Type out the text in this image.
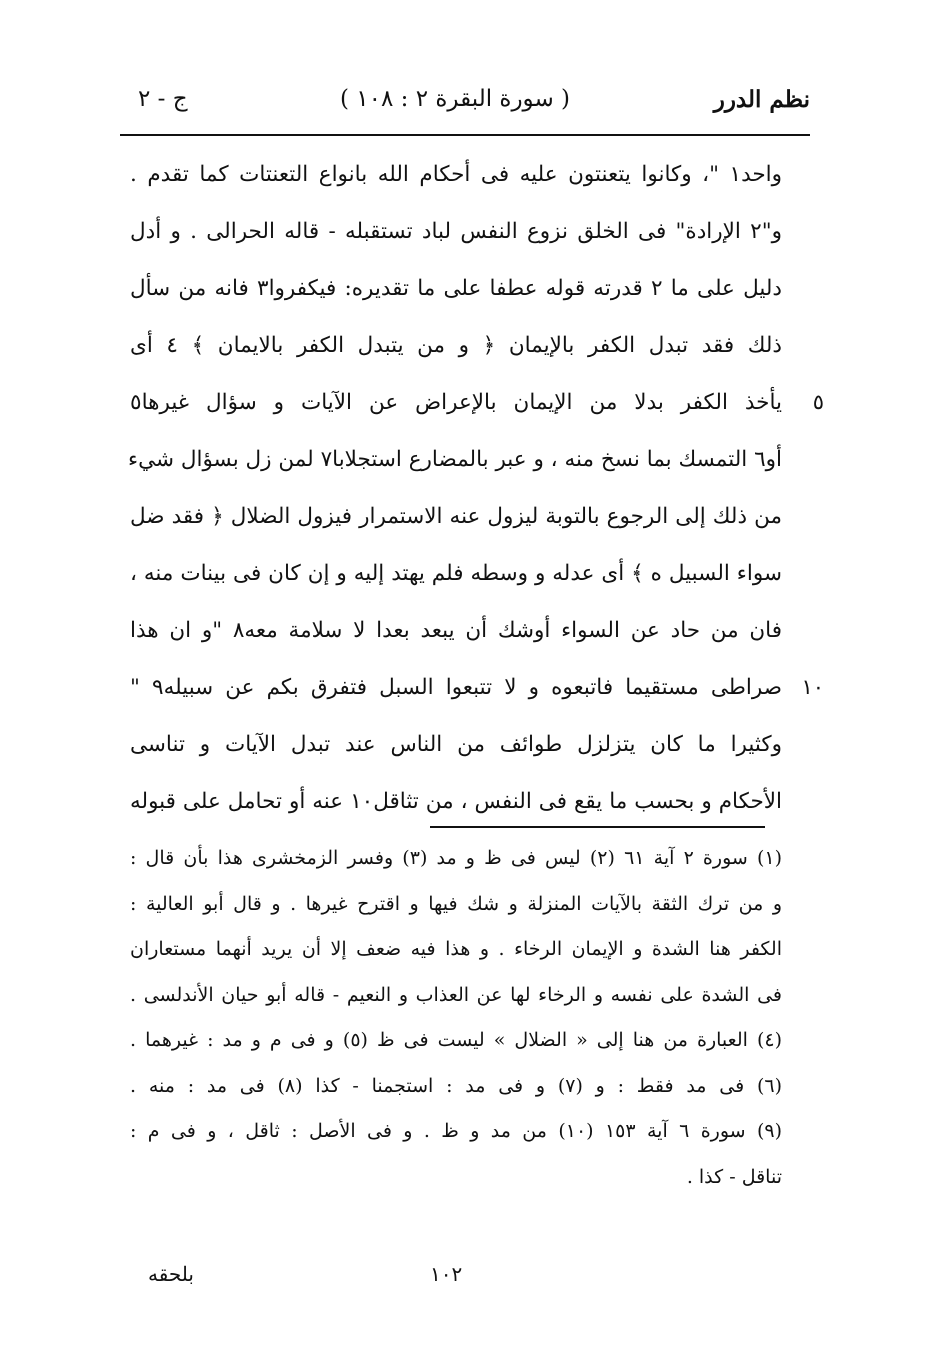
نظم الدرر
( سورة البقرة ٢ : ١٠٨ )
ج - ٢
واحد١ "، وكانوا يتعنتون عليه فى أحكام الله بانواع التعنتات كما تقدم .
و"٢ الإرادة" فى الخلق نزوع النفس لباد تستقبله - قاله الحرالى . و أدل
دليل على ما ٢ قدرته قوله عطفا على ما تقديره: فيكفروا٣ فانه من سأل
ذلك فقد تبدل الكفر بالإيمان ﴿ و من يتبدل الكفر بالايمان ﴾ ٤ أى
٥
يأخذ الكفر بدلا من الإيمان بالإعراض عن الآيات و سؤال غيرها٥
أو٦ التمسك بما نسخ منه ، و عبر بالمضارع استجلابا٧ لمن زل بسؤال شيء
من ذلك إلى الرجوع بالتوبة ليزول عنه الاستمرار فيزول الضلال ﴿ فقد ضل
سواء السبيل ه ﴾ أى عدله و وسطه فلم يهتد إليه و إن كان فى بينات منه ،
فان من حاد عن السواء أوشك أن يبعد بعدا لا سلامة معه٨ "و ان هذا
١٠
صراطى مستقيما فاتبعوه و لا تتبعوا السبل فتفرق بكم عن سبيله٩ "
وكثيرا ما كان يتزلزل طوائف من الناس عند تبدل الآيات و تناسى
الأحكام و بحسب ما يقع فى النفس ، من تثاقل١٠ عنه أو تحامل على قبوله
(١) سورة ٢ آية ٦١ (٢) ليس فى ظ و مد (٣) وفسر الزمخشرى هذا بأن قال :
و من ترك الثقة بالآيات المنزلة و شك فيها و اقترح غيرها . و قال أبو العالية :
الكفر هنا الشدة و الإيمان الرخاء . و هذا فيه ضعف إلا أن يريد أنهما مستعاران
فى الشدة على نفسه و الرخاء لها عن العذاب و النعيم - قاله أبو حيان الأندلسى .
(٤) العبارة من هنا إلى « الضلال » ليست فى ظ (٥) و فى م و مد : غيرهما .
(٦) فى مد فقط : و (٧) و فى مد : استجمنا - كذا (٨) فى مد : منه .
(٩) سورة ٦ آية ١٥٣ (١٠) من مد و ظ . و فى الأصل : ثاقل ، و فى م :
تناقل - كذا .
١٠٢
بلحقه
